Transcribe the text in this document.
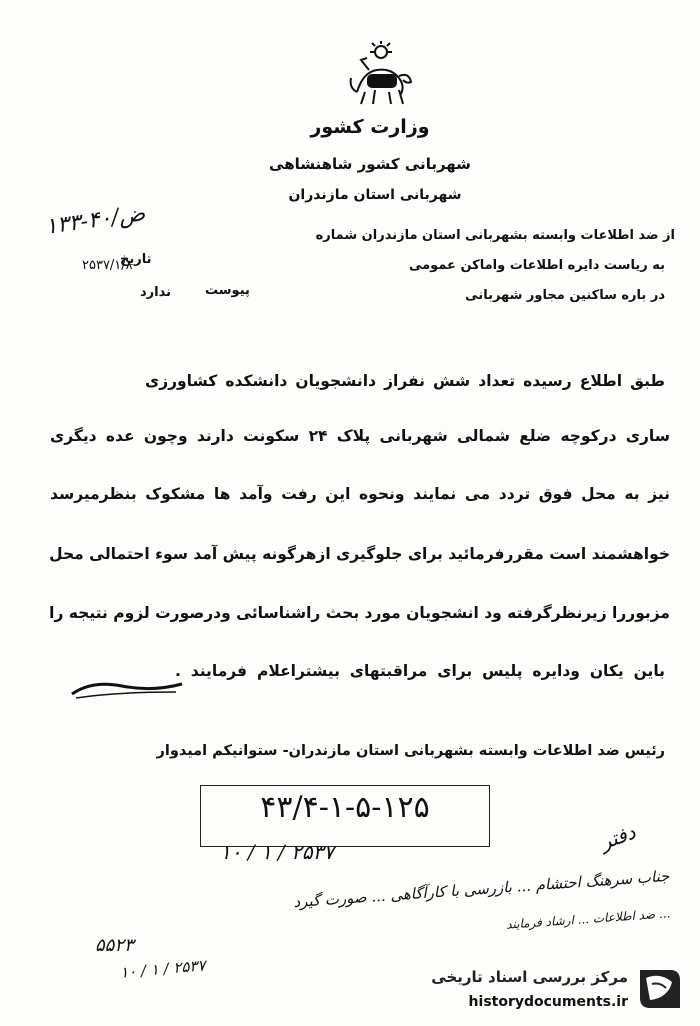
وزارت کشور
شهربانی کشور شاهنشاهی
شهربانی استان مازندران
از ضد اطلاعات وابسته بشهربانی استان مازندران شماره
۱۳۳-۴۰/ض
به ریاست دایره اطلاعات واماکن عمومی
تاریخ
۲۵۳۷/۱/۸
در باره ساکنین مجاور شهربانی
پیوست
ندارد
طبق اطلاع رسیده تعداد شش نفراز دانشجویان دانشکده کشاورزی
ساری درکوچه ضلع شمالی شهربانی پلاک ۲۴ سکونت دارند وچون عده دیگری
نیز به محل فوق تردد می نمایند ونحوه این رفت وآمد ها مشکوک بنظرمیرسد
خواهشمند است مقررفرمائید برای جلوگیری ازهرگونه پیش آمد سوء احتمالی محل
مزبوررا زیرنظرگرفته ود انشجویان مورد بحث راشناسائی ودرصورت لزوم نتیجه را
باین یکان ودایره پلیس برای مراقبتهای بیشتراعلام فرمایند .
رئیس ضد اطلاعات وابسته بشهربانی استان مازندران- ستوانیکم امیدوار
۴۳/۴-۱-۵-۱۲۵
۱۰ / ۱ / ۲۵۳۷	دفتر
جناب سرهنگ احتشام ... بازرسی با کارآگاهی ... صورت گیرد
... ضد اطلاعات ... ارشاد فرمایند
۵۵۲۳
۱۰ / ۱ / ۲۵۳۷	مرکز بررسی اسناد تاریخی
historydocuments.ir
